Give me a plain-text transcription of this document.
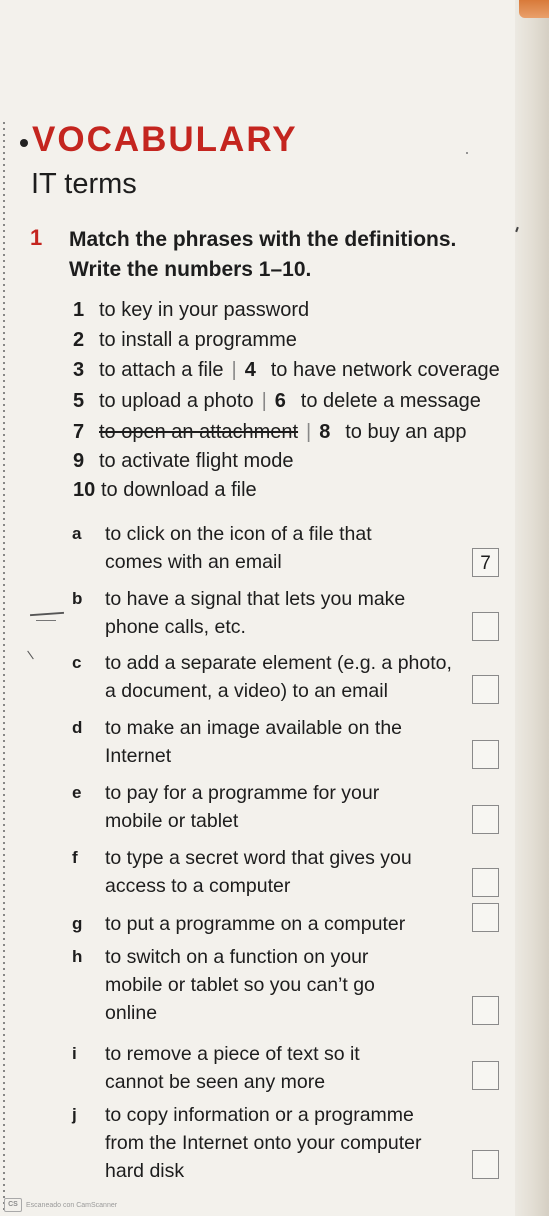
VOCABULARY
IT terms
1 Match the phrases with the definitions.
Write the numbers 1–10.
1 to key in your password
2 to install a programme
3 to attach a file | 4 to have network coverage
5 to upload a photo | 6 to delete a message
7 to open an attachment | 8 to buy an app
9 to activate flight mode
10 to download a file
a	to click on the icon of a file that
comes with an email	7
b	to have a signal that lets you make
phone calls, etc.
c	to add a separate element (e.g. a photo,
a document, a video) to an email
d	to make an image available on the
Internet
e	to pay for a programme for your
mobile or tablet
f	to type a secret word that gives you
access to a computer
g	to put a programme on a computer
h	to switch on a function on your
mobile or tablet so you can’t go
online
i	to remove a piece of text so it
cannot be seen any more
j	to copy information or a programme
from the Internet onto your computer
hard disk
CS	Escaneado con CamScanner
